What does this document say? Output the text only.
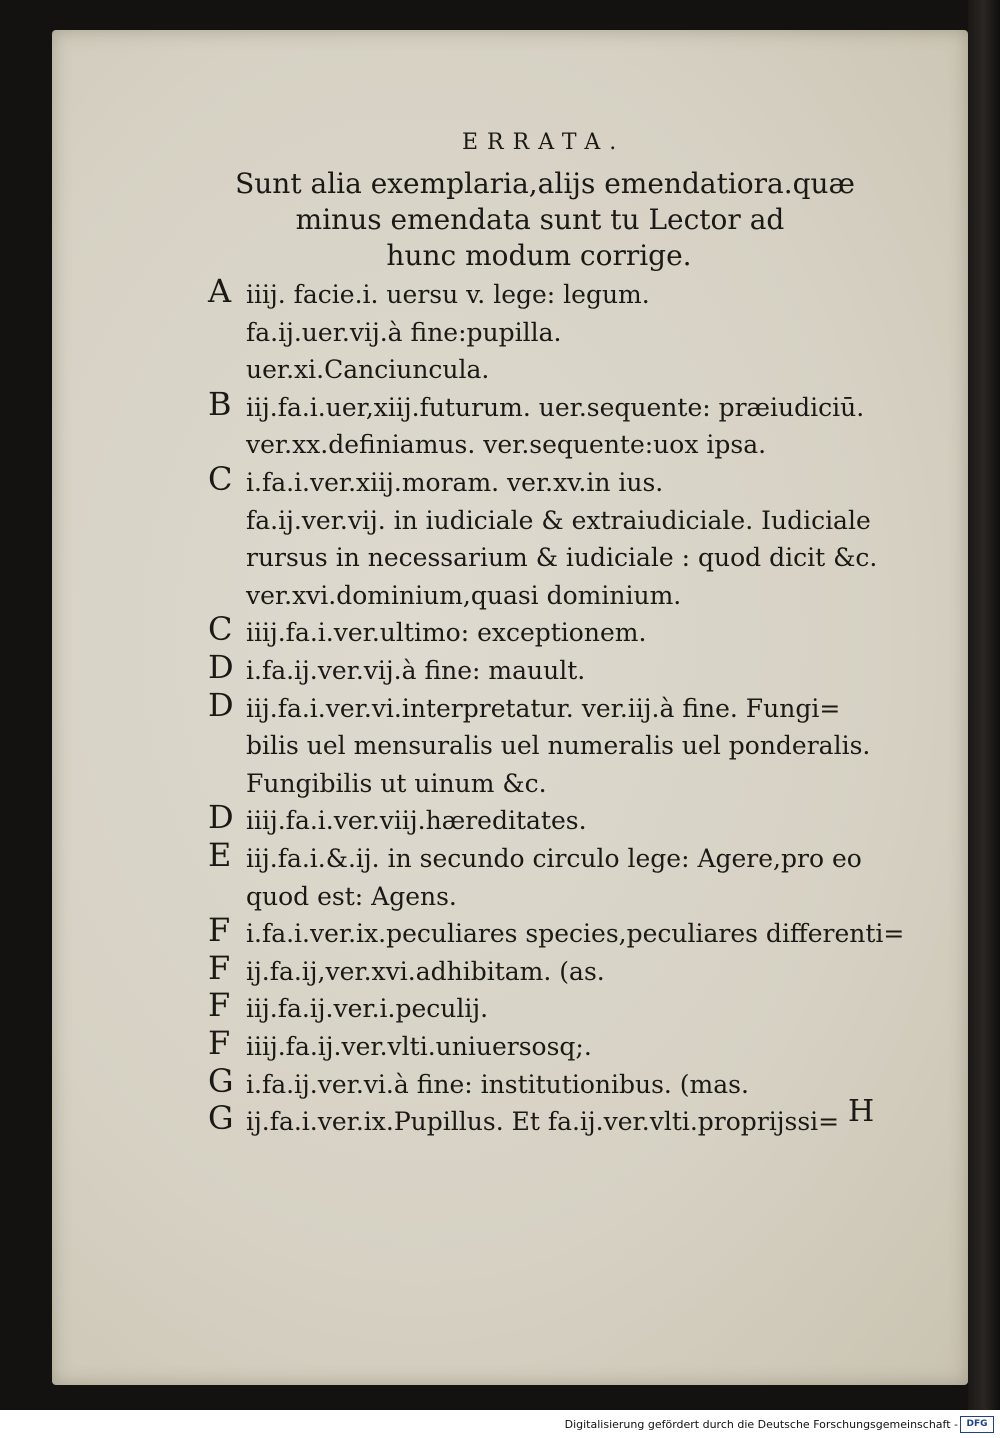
ERRATA.
Sunt alia exemplaria,alijs emendatiora.quæ
minus emendata sunt tu Lector ad
hunc modum corrige.
A iiij. facie.i. uersu v. lege: legum.
fa.ij.uer.vij.à fine:pupilla.
uer.xi.Canciuncula.
B iij.fa.i.uer,xiij.futurum. uer.sequente: præiudiciū.
ver.xx.definiamus. ver.sequente:uox ipsa.
C i.fa.i.ver.xiij.moram. ver.xv.in ius.
fa.ij.ver.vij. in iudiciale & extraiudiciale. Iudiciale
rursus in necessarium & iudiciale : quod dicit &c.
ver.xvi.dominium,quasi dominium.
C iiij.fa.i.ver.ultimo: exceptionem.
D i.fa.ij.ver.vij.à fine: mauult.
D iij.fa.i.ver.vi.interpretatur. ver.iij.à fine. Fungi=
bilis uel mensuralis uel numeralis uel ponderalis.
Fungibilis ut uinum &c.
D iiij.fa.i.ver.viij.hæreditates.
E iij.fa.i.&.ij. in secundo circulo lege: Agere,pro eo
quod est: Agens.
F i.fa.i.ver.ix.peculiares species,peculiares differenti=
F ij.fa.ij,ver.xvi.adhibitam. (as.
F iij.fa.ij.ver.i.peculij.
F iiij.fa.ij.ver.vlti.uniuersosq;.
G i.fa.ij.ver.vi.à fine: institutionibus. (mas.
G ij.fa.i.ver.ix.Pupillus. Et fa.ij.ver.vlti.proprijssi= H
Digitalisierung gefördert durch die Deutsche Forschungsgemeinschaft - DFG
